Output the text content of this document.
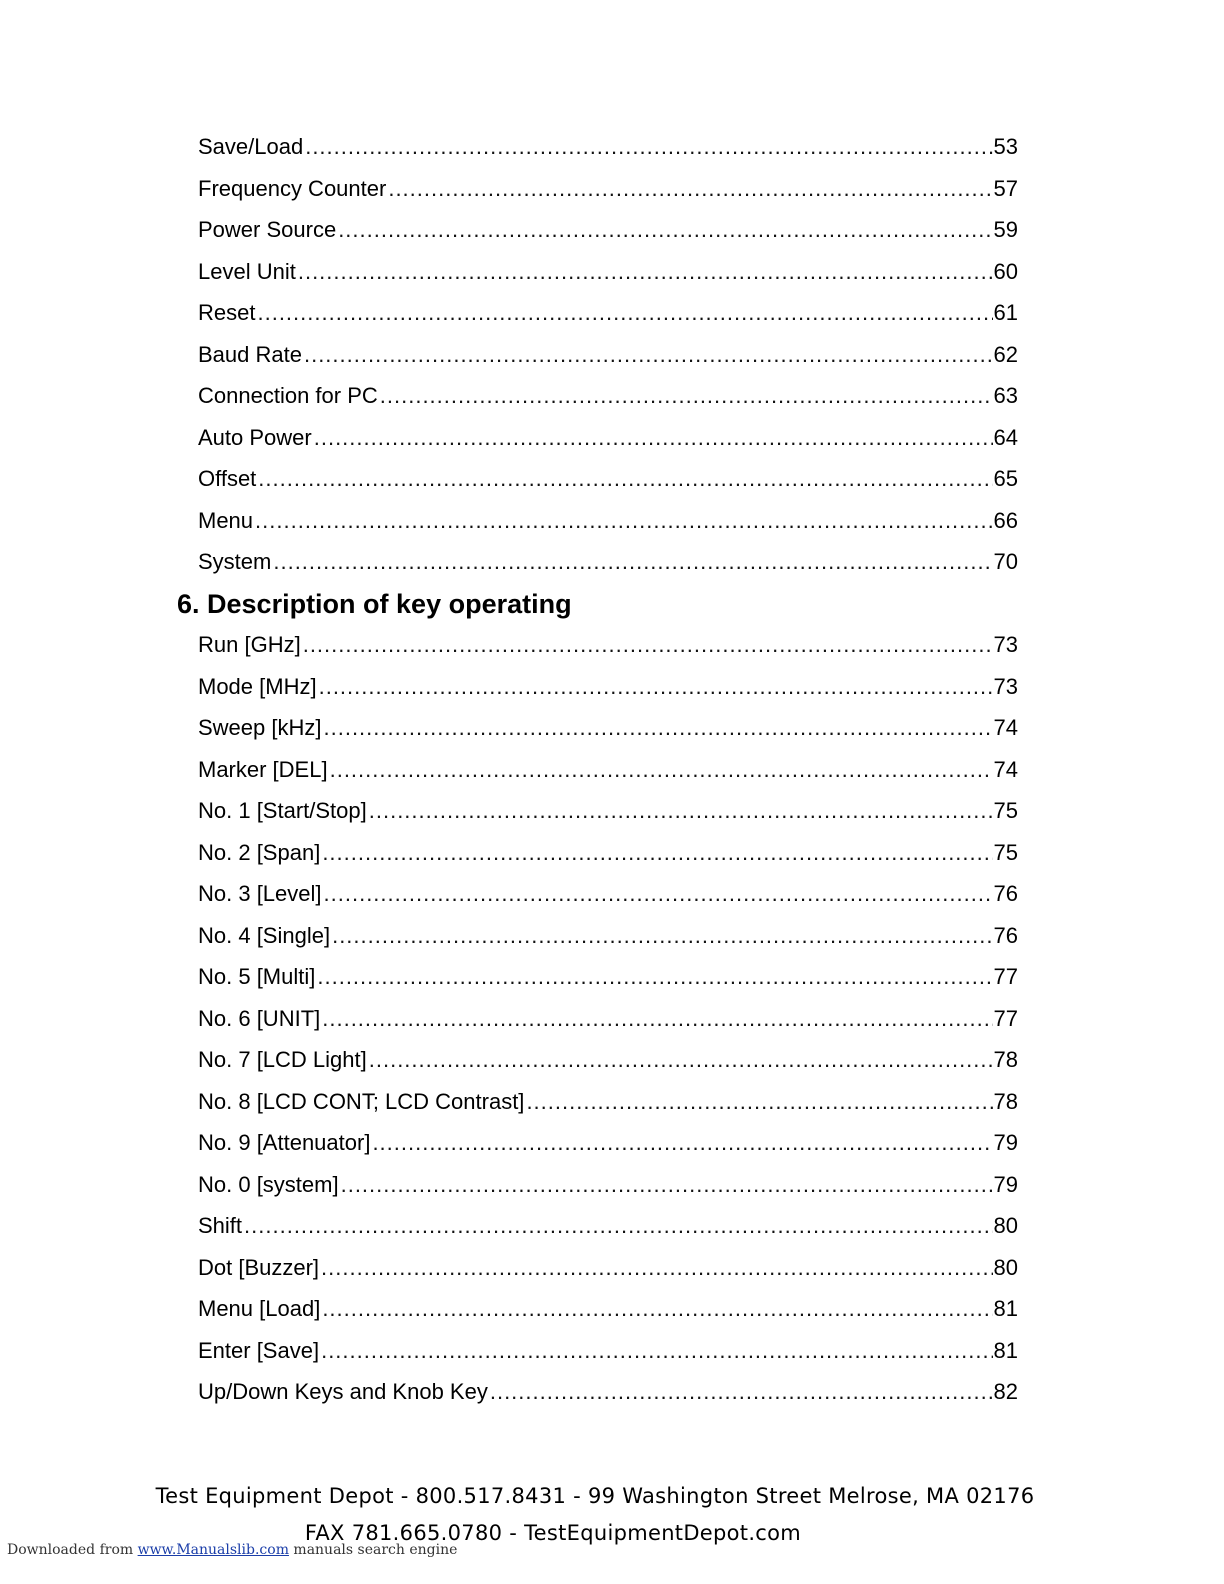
Save/Load .....	53
Frequency Counter .....	57
Power Source .....	59
Level Unit .....	60
Reset .....	61
Baud Rate .....	62
Connection for PC .....	63
Auto Power .....	64
Offset .....	65
Menu .....	66
System .....	70
6. Description of key operating
Run [GHz] .....	73
Mode [MHz] .....	73
Sweep [kHz] .....	74
Marker [DEL] .....	74
No. 1 [Start/Stop] .....	75
No. 2 [Span] .....	75
No. 3 [Level] .....	76
No. 4 [Single] .....	76
No. 5 [Multi] .....	77
No. 6 [UNIT] .....	77
No. 7 [LCD Light] .....	78
No. 8 [LCD CONT; LCD Contrast] .....	78
No. 9 [Attenuator] .....	79
No. 0 [system] .....	79
Shift .....	80
Dot [Buzzer] .....	80
Menu [Load] .....	81
Enter [Save] .....	81
Up/Down Keys and Knob Key .....	82
Test Equipment Depot - 800.517.8431 - 99 Washington Street Melrose, MA 02176
FAX 781.665.0780 - TestEquipmentDepot.com
Downloaded from www.Manualslib.com manuals search engine
